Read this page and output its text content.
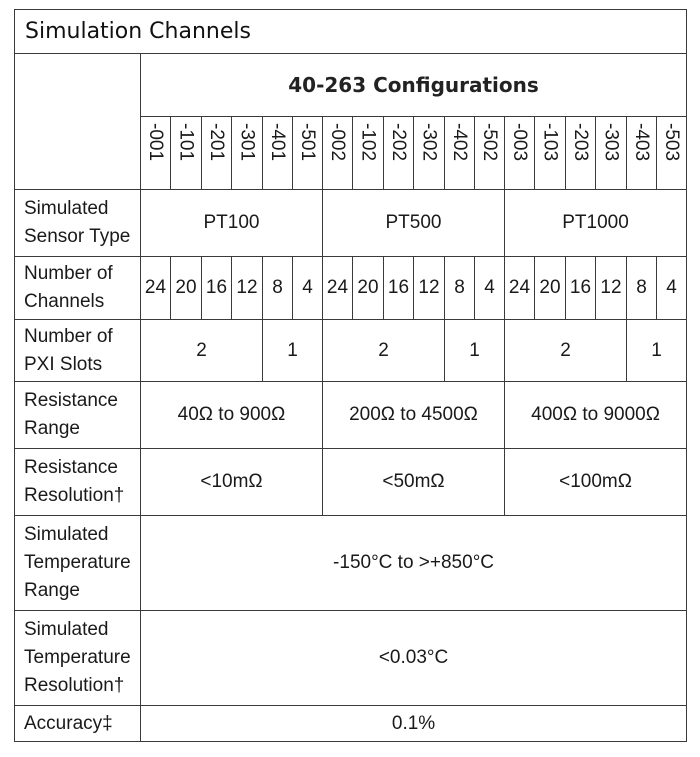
Simulation Channels																		
	40-263 Configurations																	
	-001	-101	-201	-301	-401	-501	-002	-102	-202	-302	-402	-502	-003	-103	-203	-303	-403	-503

Simulated
Sensor Type	PT100						PT500						PT1000					

Number of
Channels	24	20	16	12	8	4	24	20	16	12	8	4	24	20	16	12	8	4

Number of
PXI Slots	2				1		2				1		2				1	

Resistance
Range	40Ω to 900Ω						200Ω to 4500Ω						400Ω to 9000Ω					

Resistance
Resolution†	<10mΩ						<50mΩ						<100mΩ					

Simulated
Temperature
Range	-150°C to >+850°C																	

Simulated
Temperature
Resolution†	<0.03°C																	
Accuracy‡	0.1%																	
